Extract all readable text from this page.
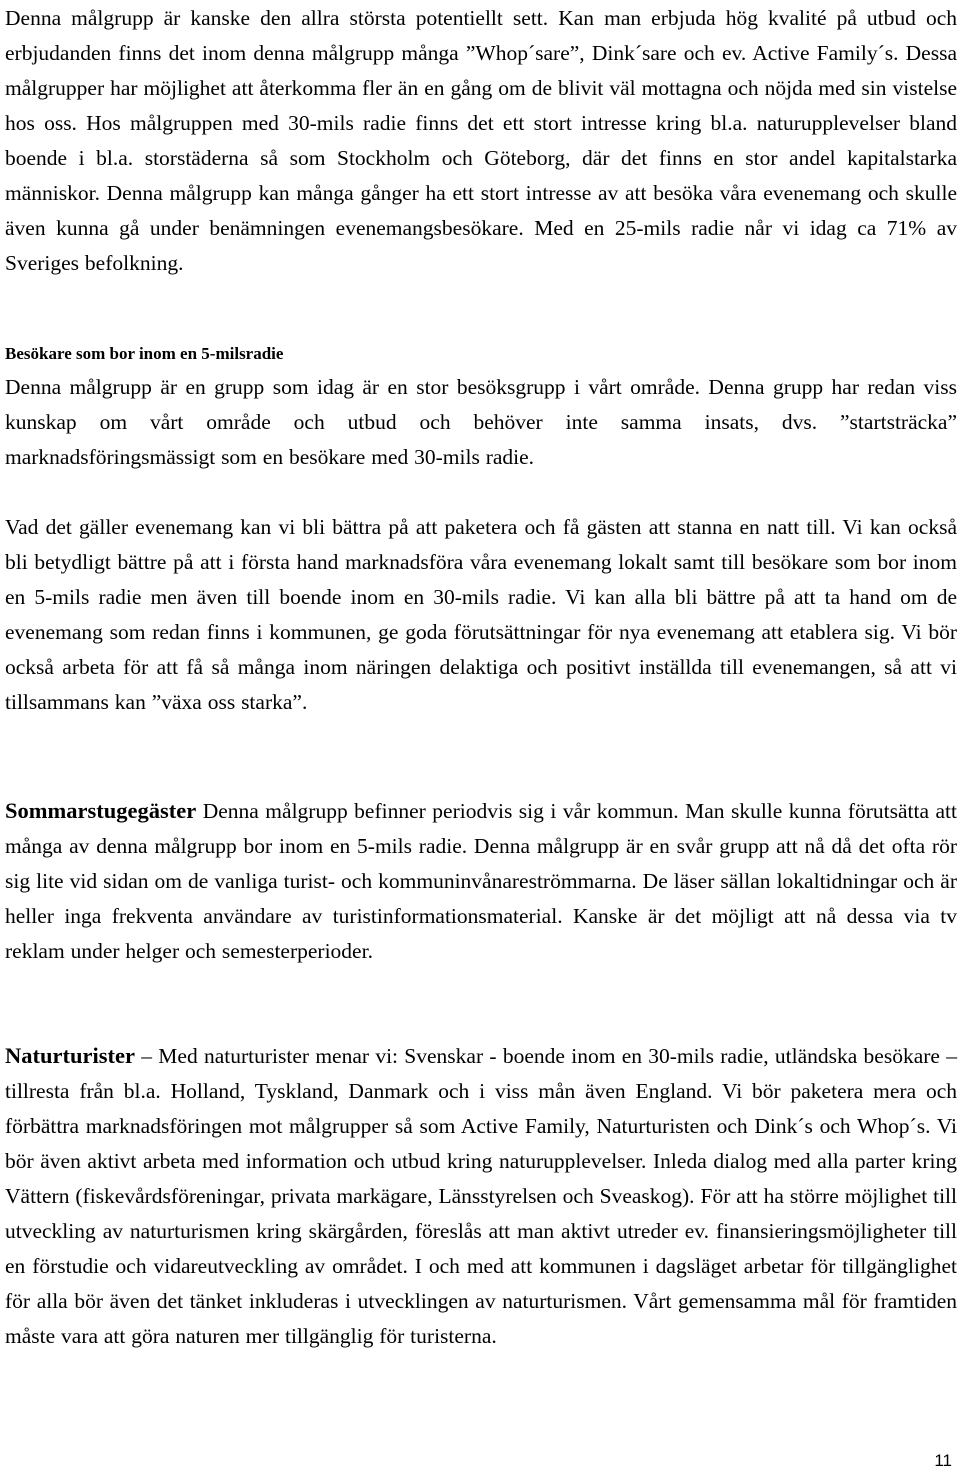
Denna målgrupp är kanske den allra största potentiellt sett. Kan man erbjuda hög kvalité på utbud och erbjudanden finns det inom denna målgrupp många ”Whop´sare”, Dink´sare och ev. Active Family´s. Dessa målgrupper har möjlighet att återkomma fler än en gång om de blivit väl mottagna och nöjda med sin vistelse hos oss. Hos målgruppen med 30-mils radie finns det ett stort intresse kring bl.a. naturupplevelser bland boende i bl.a. storstäderna så som Stockholm och Göteborg, där det finns en stor andel kapitalstarka människor. Denna målgrupp kan många gånger ha ett stort intresse av att besöka våra evenemang och skulle även kunna gå under benämningen evenemangsbesökare. Med en 25-mils radie når vi idag ca 71% av Sveriges befolkning.

Besökare som bor inom en 5-milsradie

Denna målgrupp är en grupp som idag är en stor besöksgrupp i vårt område. Denna grupp har redan viss kunskap om vårt område och utbud och behöver inte samma insats, dvs. ”startsträcka” marknadsföringsmässigt som en besökare med 30-mils radie.

Vad det gäller evenemang kan vi bli bättra på att paketera och få gästen att stanna en natt till. Vi kan också bli betydligt bättre på att i första hand marknadsföra våra evenemang lokalt samt till besökare som bor inom en 5-mils radie men även till boende inom en 30-mils radie. Vi kan alla bli bättre på att ta hand om de evenemang som redan finns i kommunen, ge goda förutsättningar för nya evenemang att etablera sig. Vi bör också arbeta för att få så många inom näringen delaktiga och positivt inställda till evenemangen, så att vi tillsammans kan ”växa oss starka”.

Sommarstugegäster Denna målgrupp befinner periodvis sig i vår kommun. Man skulle kunna förutsätta att många av denna målgrupp bor inom en 5-mils radie. Denna målgrupp är en svår grupp att nå då det ofta rör sig lite vid sidan om de vanliga turist- och kommuninvånareströmmarna. De läser sällan lokaltidningar och är heller inga frekventa användare av turistinformationsmaterial. Kanske är det möjligt att nå dessa via tv reklam under helger och semesterperioder.

Naturturister – Med naturturister menar vi: Svenskar - boende inom en 30-mils radie, utländska besökare – tillresta från bl.a. Holland, Tyskland, Danmark och i viss mån även England. Vi bör paketera mera och förbättra marknadsföringen mot målgrupper så som Active Family, Naturturisten och Dink´s och Whop´s. Vi bör även aktivt arbeta med information och utbud kring naturupplevelser. Inleda dialog med alla parter kring Vättern (fiskevårdsföreningar, privata markägare, Länsstyrelsen och Sveaskog). För att ha större möjlighet till utveckling av naturturismen kring skärgården, föreslås att man aktivt utreder ev. finansieringsmöjligheter till en förstudie och vidareutveckling av området. I och med att kommunen i dagsläget arbetar för tillgänglighet för alla bör även det tänket inkluderas i utvecklingen av naturturismen. Vårt gemensamma mål för framtiden måste vara att göra naturen mer tillgänglig för turisterna.

11
